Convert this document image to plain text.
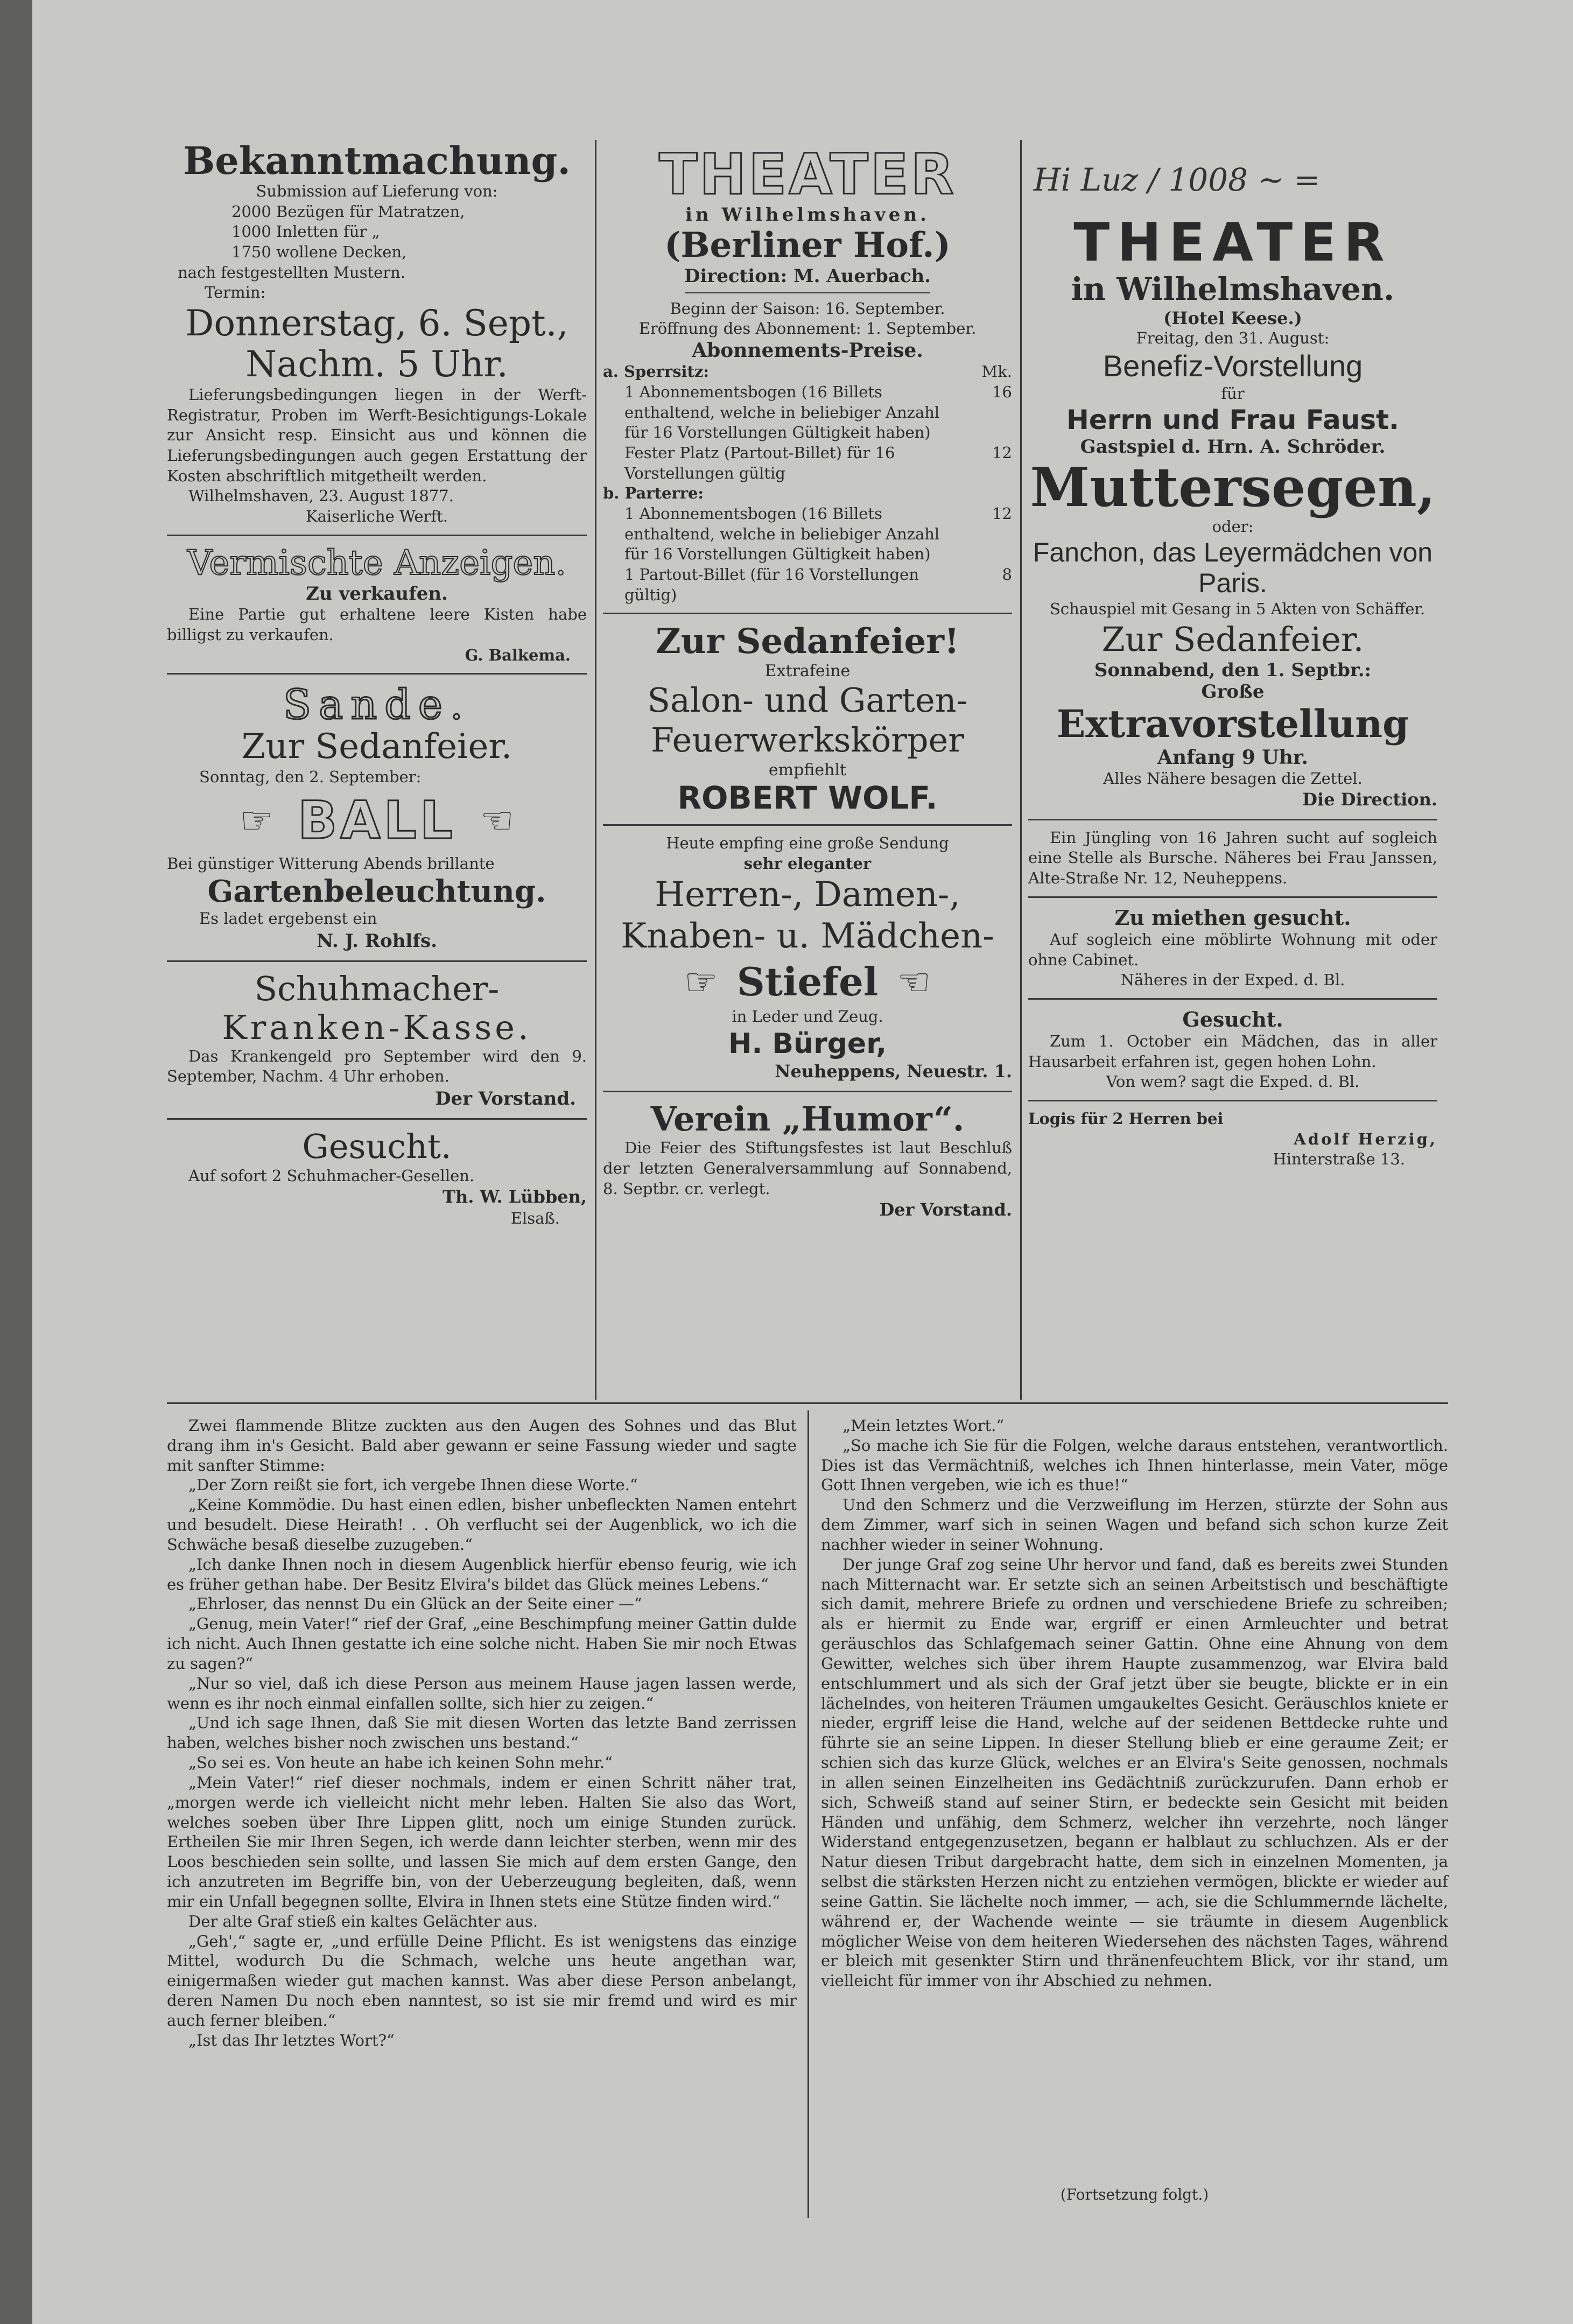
Bekanntmachung.

Submission auf Lieferung von:

2000 Bezügen für Matratzen,

1000 Inletten für „

1750 wollene Decken,

nach festgestellten Mustern.

Termin:

Donnerstag, 6. Sept.,
Nachm. 5 Uhr.

Lieferungsbedingungen liegen in der Werft-Registratur, Proben im Werft-Besichtigungs-Lokale zur Ansicht resp. Einsicht aus und können die Lieferungsbedingungen auch gegen Erstattung der Kosten abschriftlich mitgetheilt werden.

Wilhelmshaven, 23. August 1877.

Kaiserliche Werft.

Vermischte Anzeigen.
Zu verkaufen.

Eine Partie gut erhaltene leere Kisten habe billigst zu verkaufen.

G. Balkema.

Sande.
Zur Sedanfeier.

Sonntag, den 2. September:

☞ BALL ☜

Bei günstiger Witterung Abends brillante

Gartenbeleuchtung.

Es ladet ergebenst ein

N. J. Rohlfs.

Schuhmacher-
Kranken-Kasse.

Das Krankengeld pro September wird den 9. September, Nachm. 4 Uhr erhoben.

Der Vorstand.

Gesucht.

Auf sofort 2 Schuhmacher-Gesellen.

Th. W. Lübben,

Elsaß.

THEATER
in Wilhelmshaven.
(Berliner Hof.)
Direction: M. Auerbach.

Beginn der Saison: 16. September.

Eröffnung des Abonnement: 1. September.

Abonnements-Preise.
a. Sperrsitz:	Mk.
1 Abonnementsbogen (16 Billets enthaltend, welche in beliebiger Anzahl für 16 Vorstellungen Gültigkeit haben)
16
Fester Platz (Partout-Billet) für 16 Vorstellungen gültig
12
b. Parterre:
1 Abonnementsbogen (16 Billets enthaltend, welche in beliebiger Anzahl für 16 Vorstellungen Gültigkeit haben)
12
1 Partout-Billet (für 16 Vorstellungen gültig)
8
Zur Sedanfeier!
Extrafeine
Salon- und Garten-
Feuerwerkskörper
empfiehlt
ROBERT WOLF.

Heute empfing eine große Sendung

sehr eleganter

Herren-, Damen-,
Knaben- u. Mädchen-
☞ Stiefel ☜

in Leder und Zeug.

H. Bürger,

Neuheppens, Neuestr. 1.

Verein „Humor“.

Die Feier des Stiftungsfestes ist laut Beschluß der letzten Generalversammlung auf Sonnabend, 8. Septbr. cr. verlegt.

Der Vorstand.

Hi Luz / 1008 ~ =
THEATER
in Wilhelmshaven.
(Hotel Keese.)

Freitag, den 31. August:

Benefiz-Vorstellung

für

Herrn und Frau Faust.
Gastspiel d. Hrn. A. Schröder.
Muttersegen,

oder:

Fanchon, das Leyermädchen von
Paris.

Schauspiel mit Gesang in 5 Akten von Schäffer.

Zur Sedanfeier.
Sonnabend, den 1. Septbr.:
Große
Extravorstellung
Anfang 9 Uhr.

Alles Nähere besagen die Zettel.

Die Direction.

Ein Jüngling von 16 Jahren sucht auf sogleich eine Stelle als Bursche. Näheres bei Frau Janssen, Alte-Straße Nr. 12, Neuheppens.

Zu miethen gesucht.

Auf sogleich eine möblirte Wohnung mit oder ohne Cabinet.

Näheres in der Exped. d. Bl.

Gesucht.

Zum 1. October ein Mädchen, das in aller Hausarbeit erfahren ist, gegen hohen Lohn.

Von wem? sagt die Exped. d. Bl.

Logis für 2 Herren bei

Adolf Herzig,

Hinterstraße 13.

Zwei flammende Blitze zuckten aus den Augen des Sohnes und das Blut drang ihm in's Gesicht. Bald aber gewann er seine Fassung wieder und sagte mit sanfter Stimme:

„Der Zorn reißt sie fort, ich vergebe Ihnen diese Worte.“

„Keine Kommödie. Du hast einen edlen, bisher unbefleckten Namen entehrt und besudelt. Diese Heirath! . . Oh verflucht sei der Augenblick, wo ich die Schwäche besaß dieselbe zuzugeben.“

„Ich danke Ihnen noch in diesem Augenblick hierfür ebenso feurig, wie ich es früher gethan habe. Der Besitz Elvira's bildet das Glück meines Lebens.“

„Ehrloser, das nennst Du ein Glück an der Seite einer —“

„Genug, mein Vater!“ rief der Graf, „eine Beschimpfung meiner Gattin dulde ich nicht. Auch Ihnen gestatte ich eine solche nicht. Haben Sie mir noch Etwas zu sagen?“

„Nur so viel, daß ich diese Person aus meinem Hause jagen lassen werde, wenn es ihr noch einmal einfallen sollte, sich hier zu zeigen.“

„Und ich sage Ihnen, daß Sie mit diesen Worten das letzte Band zerrissen haben, welches bisher noch zwischen uns bestand.“

„So sei es. Von heute an habe ich keinen Sohn mehr.“

„Mein Vater!“ rief dieser nochmals, indem er einen Schritt näher trat, „morgen werde ich vielleicht nicht mehr leben. Halten Sie also das Wort, welches soeben über Ihre Lippen glitt, noch um einige Stunden zurück. Ertheilen Sie mir Ihren Segen, ich werde dann leichter sterben, wenn mir des Loos beschieden sein sollte, und lassen Sie mich auf dem ersten Gange, den ich anzutreten im Begriffe bin, von der Ueberzeugung begleiten, daß, wenn mir ein Unfall begegnen sollte, Elvira in Ihnen stets eine Stütze finden wird.“

Der alte Graf stieß ein kaltes Gelächter aus.

„Geh',“ sagte er, „und erfülle Deine Pflicht. Es ist wenigstens das einzige Mittel, wodurch Du die Schmach, welche uns heute angethan war, einigermaßen wieder gut machen kannst. Was aber diese Person anbelangt, deren Namen Du noch eben nanntest, so ist sie mir fremd und wird es mir auch ferner bleiben.“

„Ist das Ihr letztes Wort?“

„Mein letztes Wort.“

„So mache ich Sie für die Folgen, welche daraus entstehen, verantwortlich. Dies ist das Vermächtniß, welches ich Ihnen hinterlasse, mein Vater, möge Gott Ihnen vergeben, wie ich es thue!“

Und den Schmerz und die Verzweiflung im Herzen, stürzte der Sohn aus dem Zimmer, warf sich in seinen Wagen und befand sich schon kurze Zeit nachher wieder in seiner Wohnung.

Der junge Graf zog seine Uhr hervor und fand, daß es bereits zwei Stunden nach Mitternacht war. Er setzte sich an seinen Arbeitstisch und beschäftigte sich damit, mehrere Briefe zu ordnen und verschiedene Briefe zu schreiben; als er hiermit zu Ende war, ergriff er einen Armleuchter und betrat geräuschlos das Schlafgemach seiner Gattin. Ohne eine Ahnung von dem Gewitter, welches sich über ihrem Haupte zusammenzog, war Elvira bald entschlummert und als sich der Graf jetzt über sie beugte, blickte er in ein lächelndes, von heiteren Träumen umgaukeltes Gesicht. Geräuschlos kniete er nieder, ergriff leise die Hand, welche auf der seidenen Bettdecke ruhte und führte sie an seine Lippen. In dieser Stellung blieb er eine geraume Zeit; er schien sich das kurze Glück, welches er an Elvira's Seite genossen, nochmals in allen seinen Einzelheiten ins Gedächtniß zurückzurufen. Dann erhob er sich, Schweiß stand auf seiner Stirn, er bedeckte sein Gesicht mit beiden Händen und unfähig, dem Schmerz, welcher ihn verzehrte, noch länger Widerstand entgegenzusetzen, begann er halblaut zu schluchzen. Als er der Natur diesen Tribut dargebracht hatte, dem sich in einzelnen Momenten, ja selbst die stärksten Herzen nicht zu entziehen vermögen, blickte er wieder auf seine Gattin. Sie lächelte noch immer, — ach, sie die Schlummernde lächelte, während er, der Wachende weinte — sie träumte in diesem Augenblick möglicher Weise von dem heiteren Wiedersehen des nächsten Tages, während er bleich mit gesenkter Stirn und thränenfeuchtem Blick, vor ihr stand, um vielleicht für immer von ihr Abschied zu nehmen.

(Fortsetzung folgt.)
